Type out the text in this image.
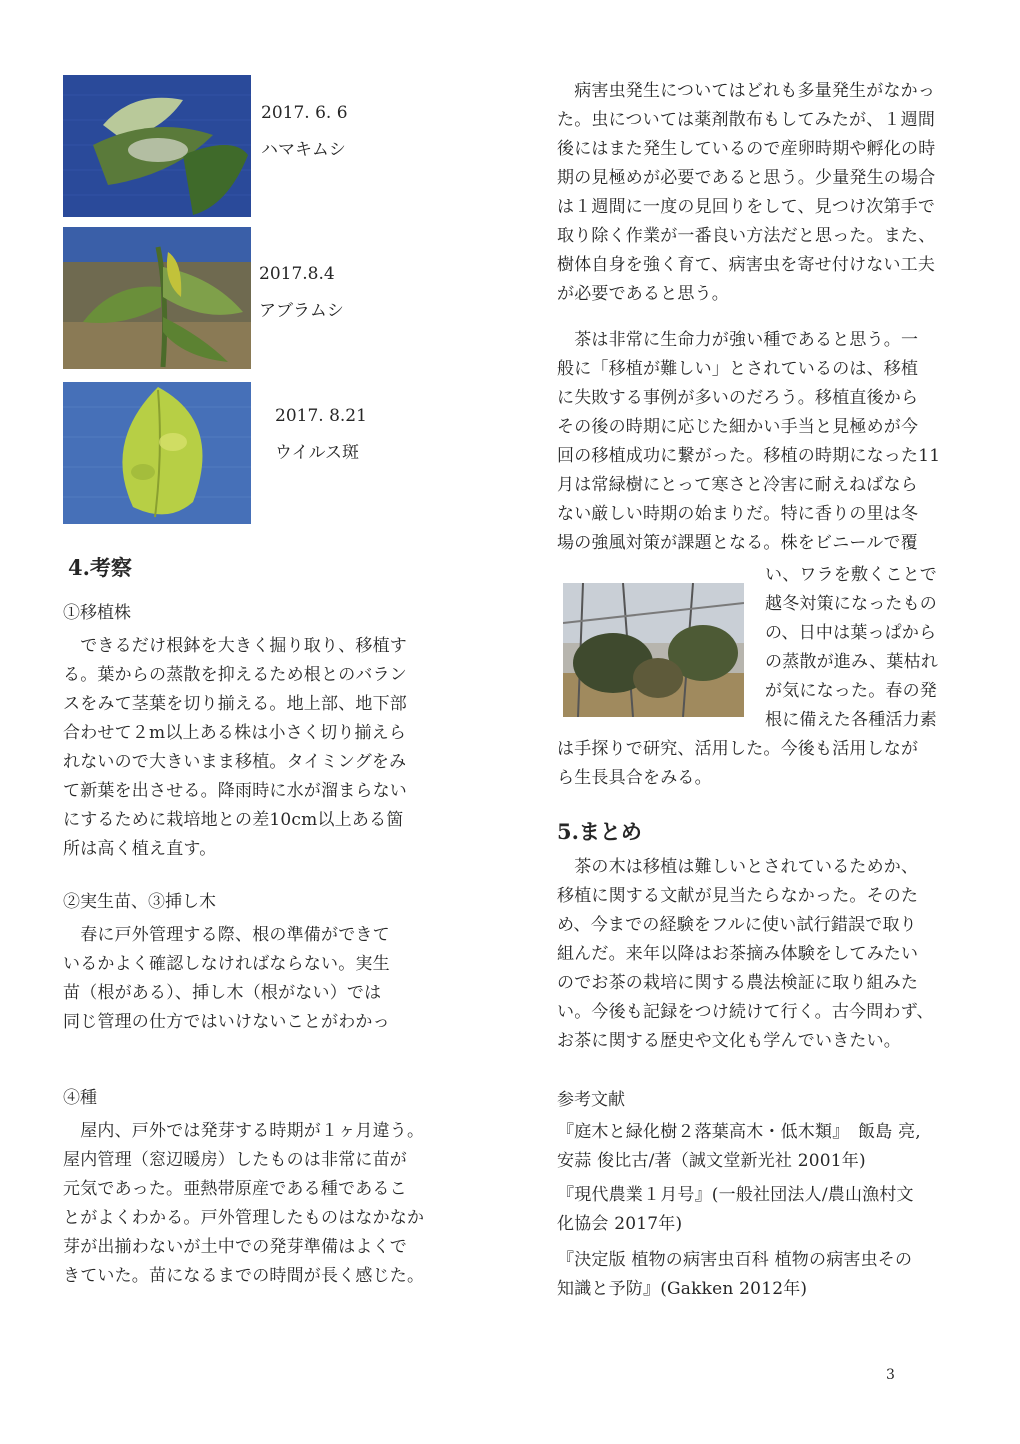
2017. 6. 6
ハマキムシ
2017.8.4
アブラムシ
2017. 8.21
ウイルス斑
4.考察
①移植株
　できるだけ根鉢を大きく掘り取り、移植す
る。葉からの蒸散を抑えるため根とのバラン
スをみて茎葉を切り揃える。地上部、地下部
合わせて２m以上ある株は小さく切り揃えら
れないので大きいまま移植。タイミングをみ
て新葉を出させる。降雨時に水が溜まらない
にするために栽培地との差10cm以上ある箇
所は高く植え直す。
②実生苗、③挿し木
　春に戸外管理する際、根の準備ができて
いるかよく確認しなければならない。実生
苗（根がある）、挿し木（根がない）では
同じ管理の仕方ではいけないことがわかっ
④種
　屋内、戸外では発芽する時期が１ヶ月違う。
屋内管理（窓辺暖房）したものは非常に苗が
元気であった。亜熱帯原産である種であるこ
とがよくわかる。戸外管理したものはなかなか
芽が出揃わないが土中での発芽準備はよくで
きていた。苗になるまでの時間が長く感じた。
　病害虫発生についてはどれも多量発生がなかっ
た。虫については薬剤散布もしてみたが、１週間
後にはまた発生しているので産卵時期や孵化の時
期の見極めが必要であると思う。少量発生の場合
は１週間に一度の見回りをして、見つけ次第手で
取り除く作業が一番良い方法だと思った。また、
樹体自身を強く育て、病害虫を寄せ付けない工夫
が必要であると思う。
　茶は非常に生命力が強い種であると思う。一
般に「移植が難しい」とされているのは、移植
に失敗する事例が多いのだろう。移植直後から
その後の時期に応じた細かい手当と見極めが今
回の移植成功に繋がった。移植の時期になった11
月は常緑樹にとって寒さと冷害に耐えねばなら
ない厳しい時期の始まりだ。特に香りの里は冬
場の強風対策が課題となる。株をビニールで覆
い、ワラを敷くことで
越冬対策になったもの
の、日中は葉っぱから
の蒸散が進み、葉枯れ
が気になった。春の発
根に備えた各種活力素
は手探りで研究、活用した。今後も活用しなが
ら生長具合をみる。
5.まとめ
　茶の木は移植は難しいとされているためか、
移植に関する文献が見当たらなかった。そのた
め、今までの経験をフルに使い試行錯誤で取り
組んだ。来年以降はお茶摘み体験をしてみたい
のでお茶の栽培に関する農法検証に取り組みた
い。今後も記録をつけ続けて行く。古今問わず、
お茶に関する歴史や文化も学んでいきたい。
参考文献
『庭木と緑化樹２落葉高木・低木類』　飯島 亮,
安蒜 俊比古/著（誠文堂新光社 2001年)
『現代農業１月号』(一般社団法人/農山漁村文
化協会 2017年)
『決定版 植物の病害虫百科 植物の病害虫その
知識と予防』(Gakken 2012年)
3
